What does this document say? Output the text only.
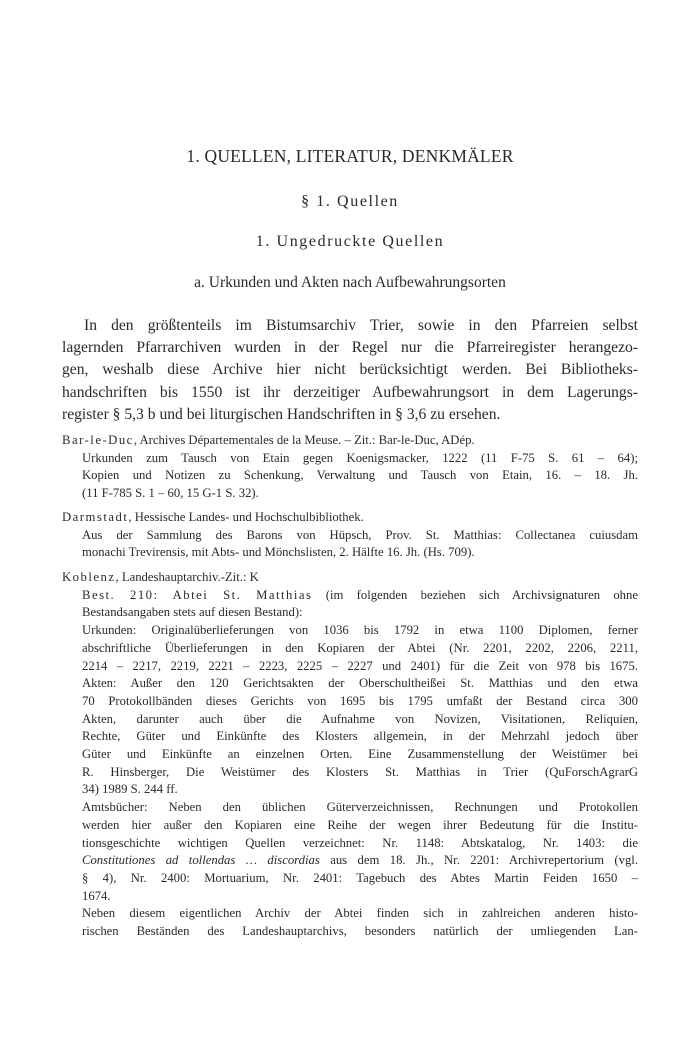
1. QUELLEN, LITERATUR, DENKMÄLER
§ 1. Quellen
1. Ungedruckte Quellen
a. Urkunden und Akten nach Aufbewahrungsorten
In den größtenteils im Bistumsarchiv Trier, sowie in den Pfarreien selbst
lagernden Pfarrarchiven wurden in der Regel nur die Pfarreiregister herangezo-
gen, weshalb diese Archive hier nicht berücksichtigt werden. Bei Bibliotheks-
handschriften bis 1550 ist ihr derzeitiger Aufbewahrungsort in dem Lagerungs-
register § 5,3 b und bei liturgischen Handschriften in § 3,6 zu ersehen.
Bar-le-Duc, Archives Départementales de la Meuse. – Zit.: Bar-le-Duc, ADép.
Urkunden zum Tausch von Etain gegen Koenigsmacker, 1222 (11 F-75 S. 61 – 64);
Kopien und Notizen zu Schenkung, Verwaltung und Tausch von Etain, 16. – 18. Jh.
(11 F-785 S. 1 – 60, 15 G-1 S. 32).
Darmstadt, Hessische Landes- und Hochschulbibliothek.
Aus der Sammlung des Barons von Hüpsch, Prov. St. Matthias: Collectanea cuiusdam
monachi Trevirensis, mit Abts- und Mönchslisten, 2. Hälfte 16. Jh. (Hs. 709).
Koblenz, Landeshauptarchiv.-Zit.: K
Best. 210: Abtei St. Matthias (im folgenden beziehen sich Archivsignaturen ohne
Bestandsangaben stets auf diesen Bestand):
Urkunden: Originalüberlieferungen von 1036 bis 1792 in etwa 1100 Diplomen, ferner
abschriftliche Überlieferungen in den Kopiaren der Abtei (Nr. 2201, 2202, 2206, 2211,
2214 – 2217, 2219, 2221 – 2223, 2225 – 2227 und 2401) für die Zeit von 978 bis 1675.
Akten: Außer den 120 Gerichtsakten der Oberschultheißei St. Matthias und den etwa
70 Protokollbänden dieses Gerichts von 1695 bis 1795 umfaßt der Bestand circa 300
Akten, darunter auch über die Aufnahme von Novizen, Visitationen, Reliquien,
Rechte, Güter und Einkünfte des Klosters allgemein, in der Mehrzahl jedoch über
Güter und Einkünfte an einzelnen Orten. Eine Zusammenstellung der Weistümer bei
R. Hinsberger, Die Weistümer des Klosters St. Matthias in Trier (QuForschAgrarG
34) 1989 S. 244 ff.
Amtsbücher: Neben den üblichen Güterverzeichnissen, Rechnungen und Protokollen
werden hier außer den Kopiaren eine Reihe der wegen ihrer Bedeutung für die Institu-
tionsgeschichte wichtigen Quellen verzeichnet: Nr. 1148: Abtskatalog, Nr. 1403: die
Constitutiones ad tollendas … discordias aus dem 18. Jh., Nr. 2201: Archivrepertorium (vgl.
§ 4), Nr. 2400: Mortuarium, Nr. 2401: Tagebuch des Abtes Martin Feiden 1650 –
1674.
Neben diesem eigentlichen Archiv der Abtei finden sich in zahlreichen anderen histo-
rischen Beständen des Landeshauptarchivs, besonders natürlich der umliegenden Lan-
